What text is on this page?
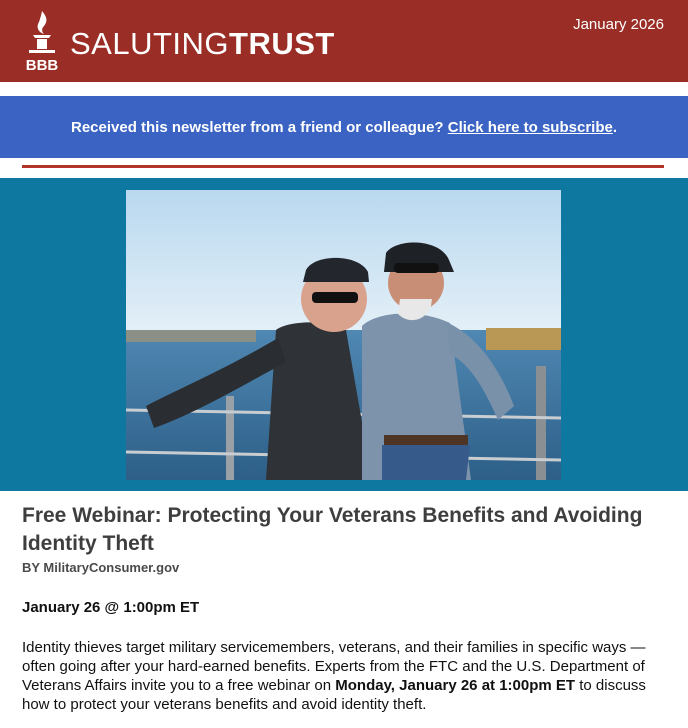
BBB
SALUTINGTRUST
January 2026
Received this newsletter from a friend or colleague? Click here to subscribe.
Free Webinar: Protecting Your Veterans Benefits and Avoiding Identity Theft
BY MilitaryConsumer.gov
January 26 @ 1:00pm ET
Identity thieves target military servicemembers, veterans, and their families in specific ways — often going after your hard-earned benefits. Experts from the FTC and the U.S. Department of Veterans Affairs invite you to a free webinar on Monday, January 26 at 1:00pm ET to discuss how to protect your veterans benefits and avoid identity theft.
